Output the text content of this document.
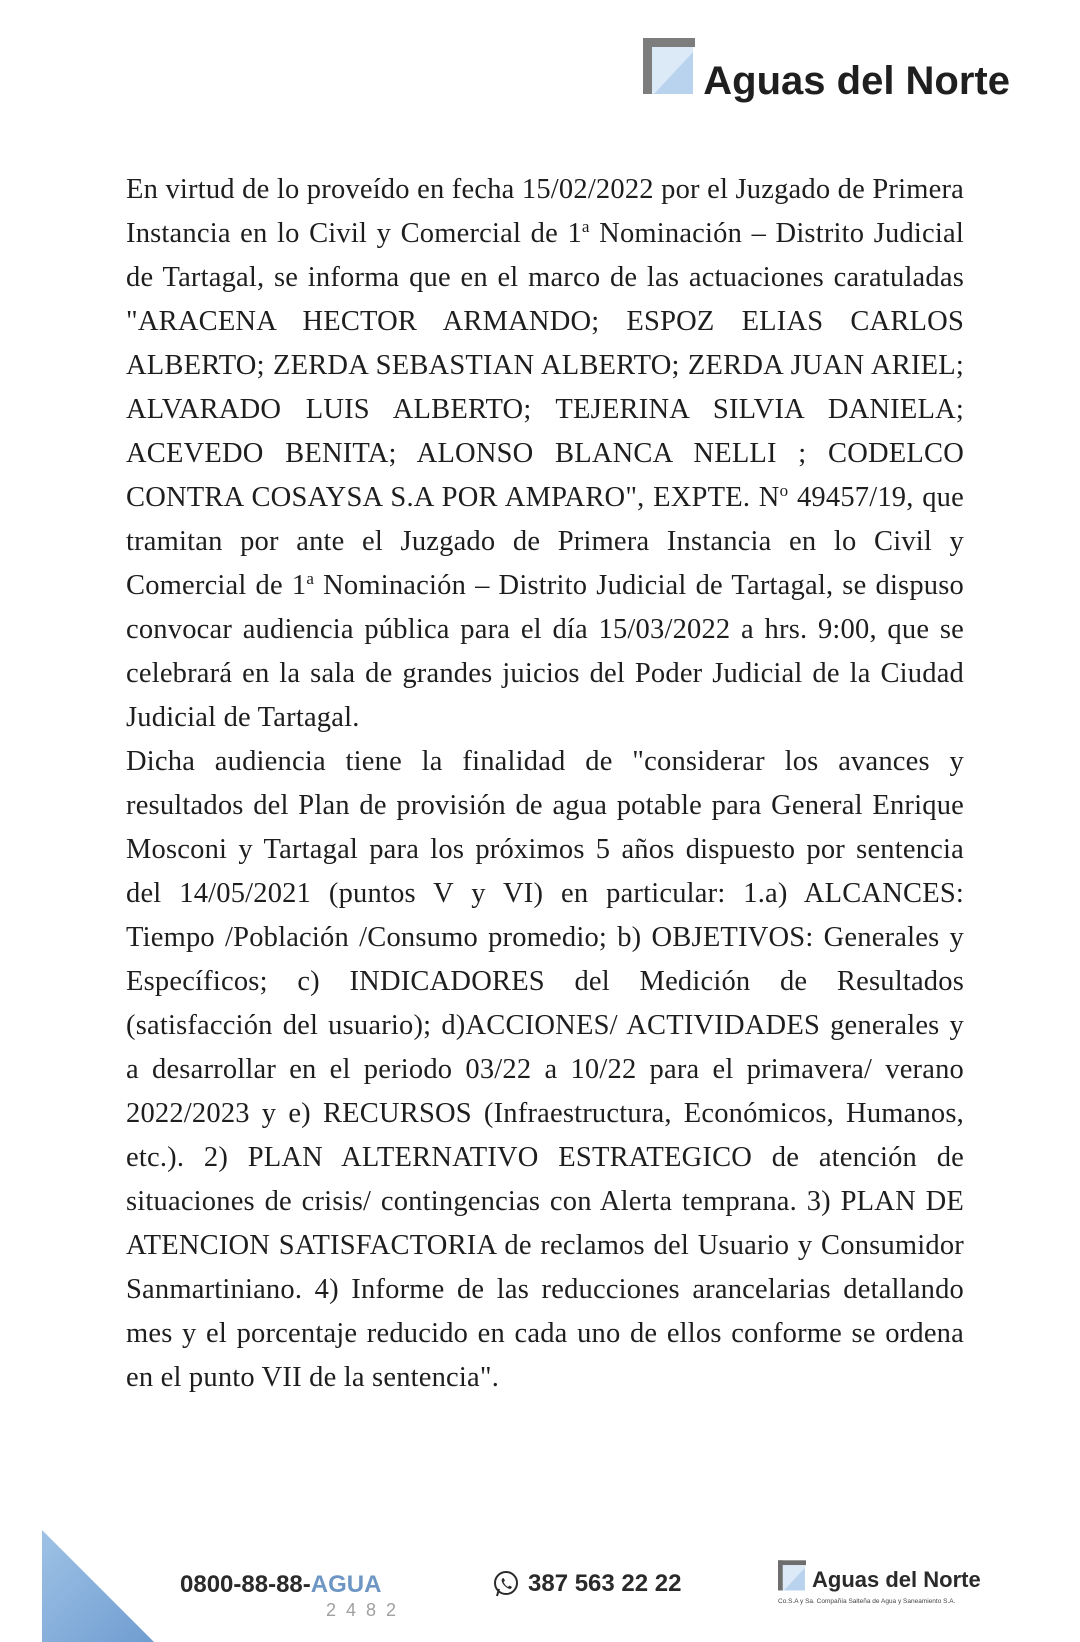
Aguas del Norte

En virtud de lo proveído en fecha 15/02/2022 por el Juzgado de Primera Instancia en lo Civil y Comercial de 1$^a$ Nominación – Distrito Judicial de Tartagal, se informa que en el marco de las actuaciones caratuladas "ARACENA HECTOR ARMANDO; ESPOZ ELIAS CARLOS ALBERTO; ZERDA SEBASTIAN ALBERTO; ZERDA JUAN ARIEL; ALVARADO LUIS ALBERTO; TEJERINA SILVIA DANIELA; ACEVEDO BENITA; ALONSO BLANCA NELLI ; CODELCO CONTRA COSAYSA S.A POR AMPARO", EXPTE. $N^o$ 49457/19, que tramitan por ante el Juzgado de Primera Instancia en lo Civil y Comercial de 1$^a$ Nominación – Distrito Judicial de Tartagal, se dispuso convocar audiencia pública para el día 15/03/2022 a hrs. 9:00, que se celebrará en la sala de grandes juicios del Poder Judicial de la Ciudad Judicial de Tartagal.

Dicha audiencia tiene la finalidad de "considerar los avances y resultados del Plan de provisión de agua potable para General Enrique Mosconi y Tartagal para los próximos 5 años dispuesto por sentencia del 14/05/2021 (puntos V y VI) en particular: 1.a) ALCANCES: Tiempo /Población /Consumo promedio; b) OBJETIVOS: Generales y Específicos; c) INDICADORES del Medición de Resultados (satisfacción del usuario); d)ACCIONES/ ACTIVIDADES generales y a desarrollar en el periodo 03/22 a 10/22 para el primavera/ verano 2022/2023 y e) RECURSOS (Infraestructura, Económicos, Humanos, etc.). 2) PLAN ALTERNATIVO ESTRATEGICO de atención de situaciones de crisis/ contingencias con Alerta temprana. 3) PLAN DE ATENCION SATISFACTORIA de reclamos del Usuario y Consumidor Sanmartiniano. 4) Informe de las reducciones arancelarias detallando mes y el porcentaje reducido en cada uno de ellos conforme se ordena en el punto VII de la sentencia".

0800-88-88-AGUA
2482
387 563 22 22	Aguas del Norte
Co.S.A y Sa. Compañía Salteña de Agua y Saneamiento S.A.
